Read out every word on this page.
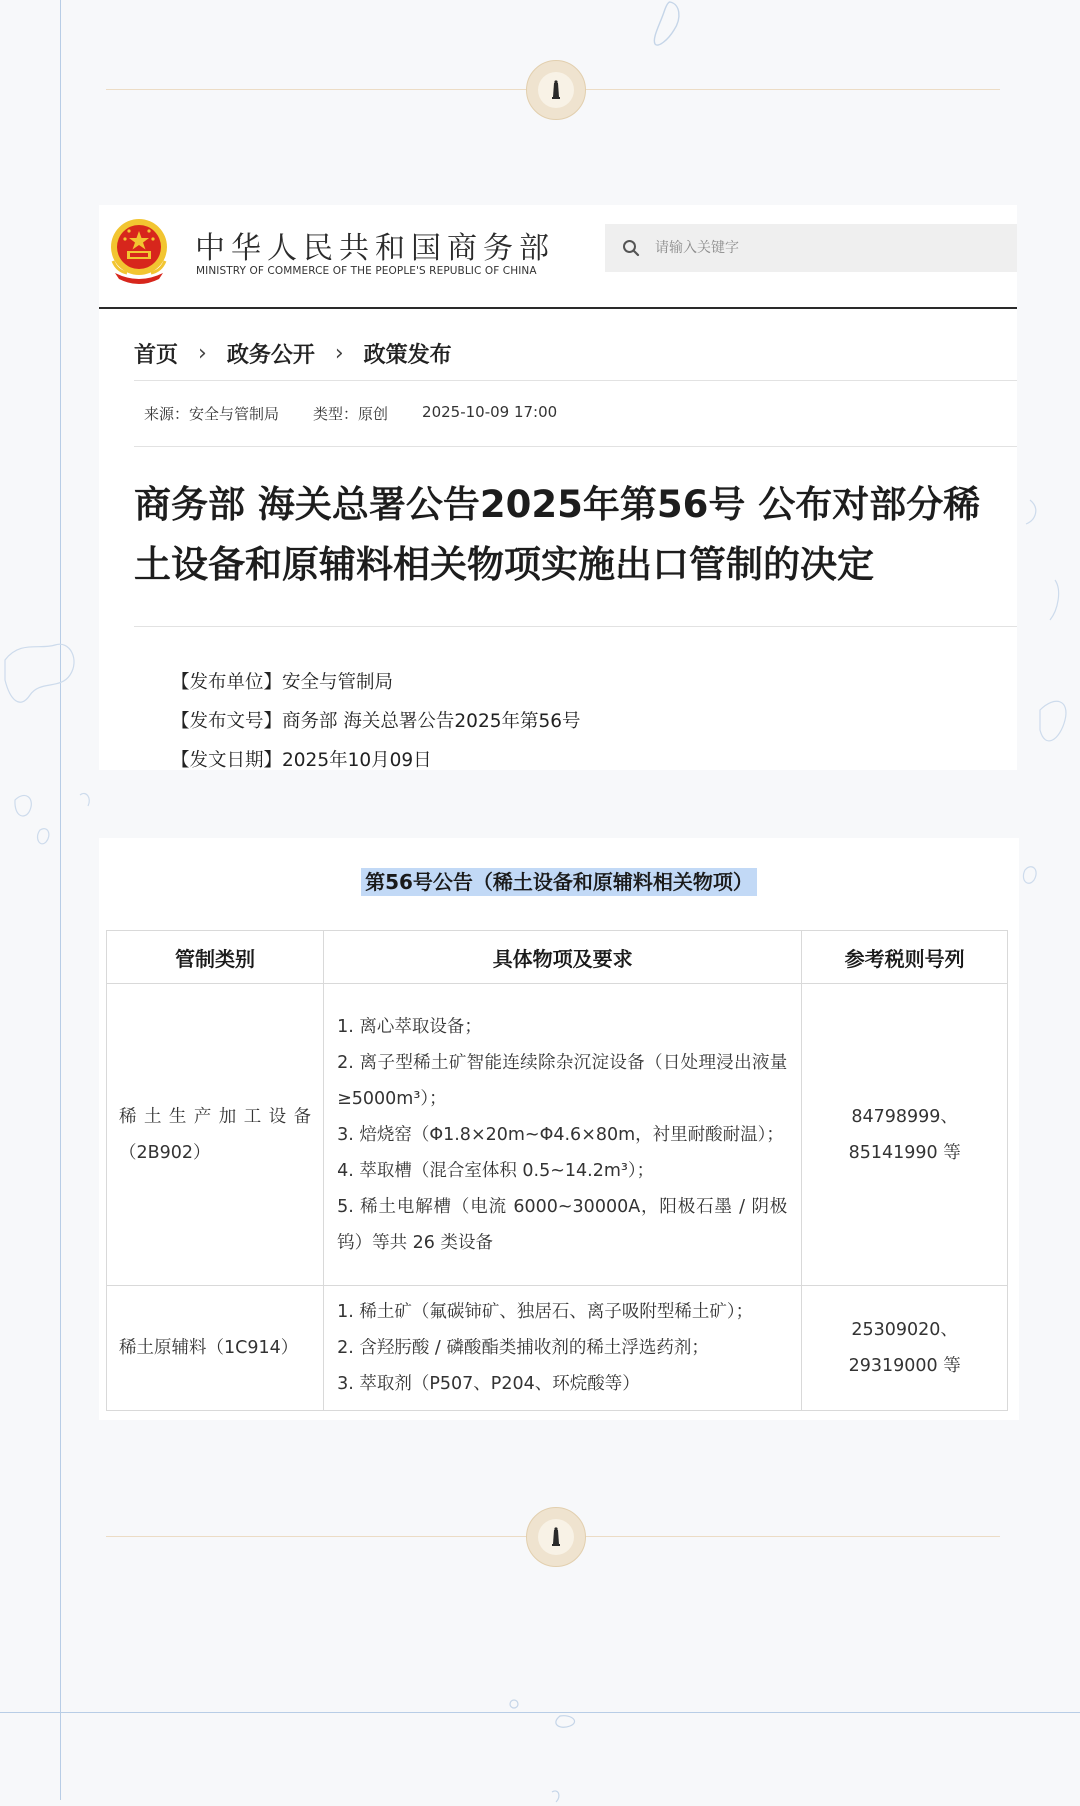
中华人民共和国商务部
MINISTRY OF COMMERCE OF THE PEOPLE'S REPUBLIC OF CHINA
请输入关键字
首页 › 政务公开 › 政策发布
来源：安全与管制局 类型：原创 2025-10-09 17:00
商务部 海关总署公告2025年第56号 公布对部分稀土设备和原辅料相关物项实施出口管制的决定
【发布单位】安全与管制局
【发布文号】商务部 海关总署公告2025年第56号
【发文日期】2025年10月09日
第56号公告（稀土设备和原辅料相关物项）
管制类别	具体物项及要求	参考税则号列
稀土生产加工设备（2B902）	1. 离心萃取设备；
2. 离子型稀土矿智能连续除杂沉淀设备（日处理浸出液量≥5000m³）；
3. 焙烧窑（Φ1.8×20m~Φ4.6×80m，衬里耐酸耐温）；
4. 萃取槽（混合室体积 0.5~14.2m³）；
5. 稀土电解槽（电流 6000~30000A，阳极石墨 / 阴极钨）等共 26 类设备	84798999、85141990 等
稀土原辅料（1C914）	1. 稀土矿（氟碳铈矿、独居石、离子吸附型稀土矿）；
2. 含羟肟酸 / 磷酸酯类捕收剂的稀土浮选药剂；
3. 萃取剂（P507、P204、环烷酸等）	25309020、29319000 等
